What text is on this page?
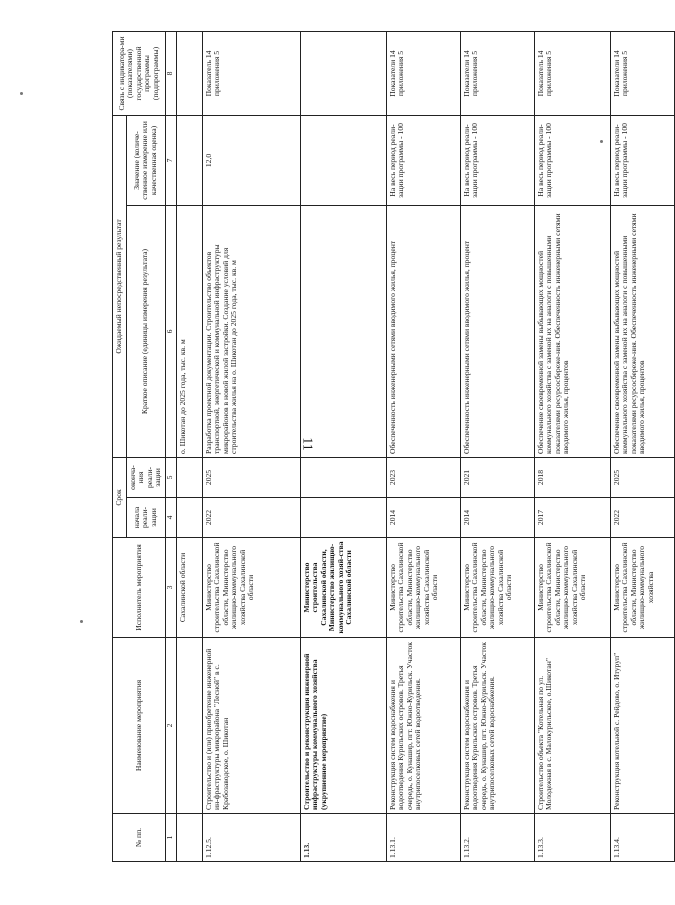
11
№ пп.	Наименование мероприятия	Исполнитель мероприятия	Срок		Ожидаемый непосредственный результат		Связь с индикатора-ми (показателями) государственной программы (подпрограммы)
			начала реали-зации	оконча-ния реали-зации	Краткое описание (единицы измерения результата)	Значение (количе-ственное измерение или качественная оценка)	
1	2	3	4	5	6	7	8
		Сахалинской области			о. Шикотан до 2025 года, тыс. кв. м		
1.12.5.	Строительство и (или) приобретение инженерной ин-фраструктуры микрорайона "Лесной" в с. Крабозаводское, о. Шикотан	Министерство строительства Сахалинской области, Министерство жилищно-коммунального хозяйства Сахалинской области	2022	2025	Разработка проектной документации. Строительство объектов транспортной, энергетической и коммунальной инфраструктуры микрорайонов в новой жилой застройки. Создание условий для строительства жилья на о. Шикотан до 2025 года, тыс. кв. м	12,0	Показатель 14 приложения 5
1.13.	Строительство и реконструкция инженерной инфраструктуры коммунального хозяйства (укрупненное мероприятие)	Министерство строительства Сахалинской области, Министерство жилищно-коммунального хозяй-ства Сахалинской области					
1.13.1.	Реконструкция систем водоснабжения и водоотведения Курильских островов. Третья очередь, о. Кунашир, пгт. Южно-Курильск. Участок внутрипоселковых сетей водоотведения.	Министерство строительства Сахалинской области, Министерство жилищно-коммунального хозяйства Сахалинской области	2014	2023	Обеспеченность инженерными сетями вводимого жилья, процент	На весь период реали-зации программы - 100	Показатели 14 приложения 5
1.13.2.	Реконструкция систем водоснабжения и водоотведения Курильских островов. Третья очередь, о. Кунашир, пгт. Южно-Курильск. Участок внутрипоселковых сетей водоснабжения.	Министерство строительства Сахалинской области, Министерство жилищно-коммунального хозяйства Сахалинской области	2014	2021	Обеспеченность инженерными сетями вводимого жилья, процент	На весь период реали-зации программы - 100	Показатели 14 приложения 5
1.13.3.	Строительство объекта "Котельная по ул. Молодежная в с. Малокурильское, о.Шикотан"	Министерство строительства Сахалинской области, Министерство жилищно-коммунального хозяйства Сахалинской области	2017	2018	Обеспечение своевременной замены выбывающих мощностей коммунального хозяйства с заменой их на аналоги с повышенными показателями ресурсосбереже-ния. Обеспеченность инженерными сетями вводимого жилья, процентов	На весь период реали-зации программы - 100	Показатель 14 приложения 5
1.13.4.	Реконструкция котельной с. Рейдово, о. Итуруп"	Министерство строительства Сахалинской области, Министерство жилищно-коммунального хозяйства	2022	2025	Обеспечение своевременной замены выбывающих мощностей коммунального хозяйства с заменой их на аналоги с повышенными показателями ресурсосбереже-ния. Обеспеченность инженерными сетями вводимого жилья, процентов	На весь период реали-зации программы - 100	Показатели 14 приложения 5
